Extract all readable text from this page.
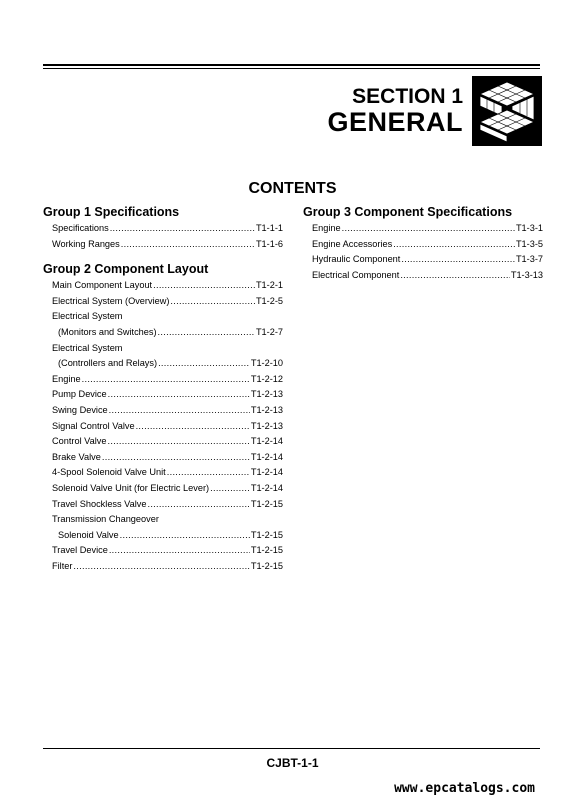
SECTION 1
GENERAL
CONTENTS
Group 1 Specifications
Specifications .....	T1-1-1
Working Ranges .....	T1-1-6
Group 2 Component Layout
Main Component Layout .....	T1-2-1
Electrical System (Overview) .....	T1-2-5
Electrical System
(Monitors and Switches) .....	T1-2-7
Electrical System
(Controllers and Relays) .....	T1-2-10
Engine .....	T1-2-12
Pump Device .....	T1-2-13
Swing Device .....	T1-2-13
Signal Control Valve .....	T1-2-13
Control Valve .....	T1-2-14
Brake Valve .....	T1-2-14
4-Spool Solenoid Valve Unit .....	T1-2-14
Solenoid Valve Unit (for Electric Lever) .....	T1-2-14
Travel Shockless Valve .....	T1-2-15
Transmission Changeover
Solenoid Valve .....	T1-2-15
Travel Device .....	T1-2-15
Filter .....	T1-2-15
Group 3 Component Specifications
Engine .....	T1-3-1
Engine Accessories .....	T1-3-5
Hydraulic Component .....	T1-3-7
Electrical Component .....	T1-3-13
CJBT-1-1
www.epcatalogs.com
